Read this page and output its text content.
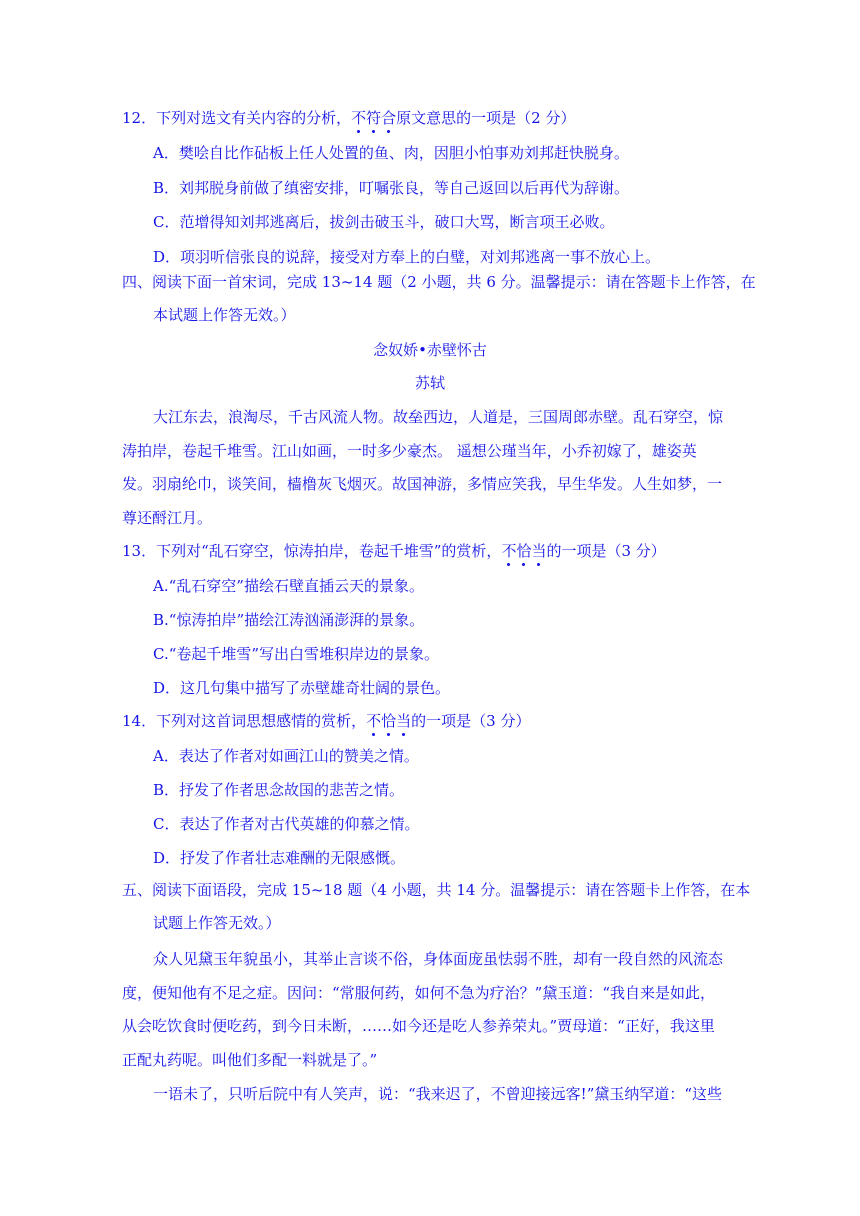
12．下列对选文有关内容的分析，不符合原文意思的一项是（2 分）
A．樊哙自比作砧板上任人处置的鱼、肉，因胆小怕事劝刘邦赶快脱身。
B．刘邦脱身前做了缜密安排，叮嘱张良，等自己返回以后再代为辞谢。
C．范增得知刘邦逃离后，拔剑击破玉斗，破口大骂，断言项王必败。
D．项羽听信张良的说辞，接受对方奉上的白璧，对刘邦逃离一事不放心上。
四、阅读下面一首宋词，完成 13~14 题（2 小题，共 6 分。温馨提示：请在答题卡上作答，在
本试题上作答无效。）
念奴娇•赤壁怀古
苏轼
大江东去，浪淘尽，千古风流人物。故垒西边，人道是，三国周郎赤壁。乱石穿空，惊
涛拍岸，卷起千堆雪。江山如画，一时多少豪杰。 遥想公瑾当年，小乔初嫁了，雄姿英
发。羽扇纶巾，谈笑间，樯橹灰飞烟灭。故国神游，多情应笑我，早生华发。人生如梦，一
尊还酹江月。
13．下列对“乱石穿空，惊涛拍岸，卷起千堆雪”的赏析，不恰当的一项是（3 分）
A.“乱石穿空”描绘石壁直插云天的景象。
B.“惊涛拍岸”描绘江涛汹涌澎湃的景象。
C.“卷起千堆雪”写出白雪堆积岸边的景象。
D．这几句集中描写了赤壁雄奇壮阔的景色。
14．下列对这首词思想感情的赏析，不恰当的一项是（3 分）
A．表达了作者对如画江山的赞美之情。
B．抒发了作者思念故国的悲苦之情。
C．表达了作者对古代英雄的仰慕之情。
D．抒发了作者壮志难酬的无限感慨。
五、阅读下面语段，完成 15~18 题（4 小题，共 14 分。温馨提示：请在答题卡上作答，在本
试题上作答无效。）
众人见黛玉年貌虽小，其举止言谈不俗，身体面庞虽怯弱不胜，却有一段自然的风流态
度，便知他有不足之症。因问：“常服何药，如何不急为疗治？”黛玉道：“我自来是如此，
从会吃饮食时便吃药，到今日未断，……如今还是吃人参养荣丸。”贾母道：“正好，我这里
正配丸药呢。叫他们多配一料就是了。”
一语未了，只听后院中有人笑声，说：“我来迟了，不曾迎接远客!”黛玉纳罕道：“这些
